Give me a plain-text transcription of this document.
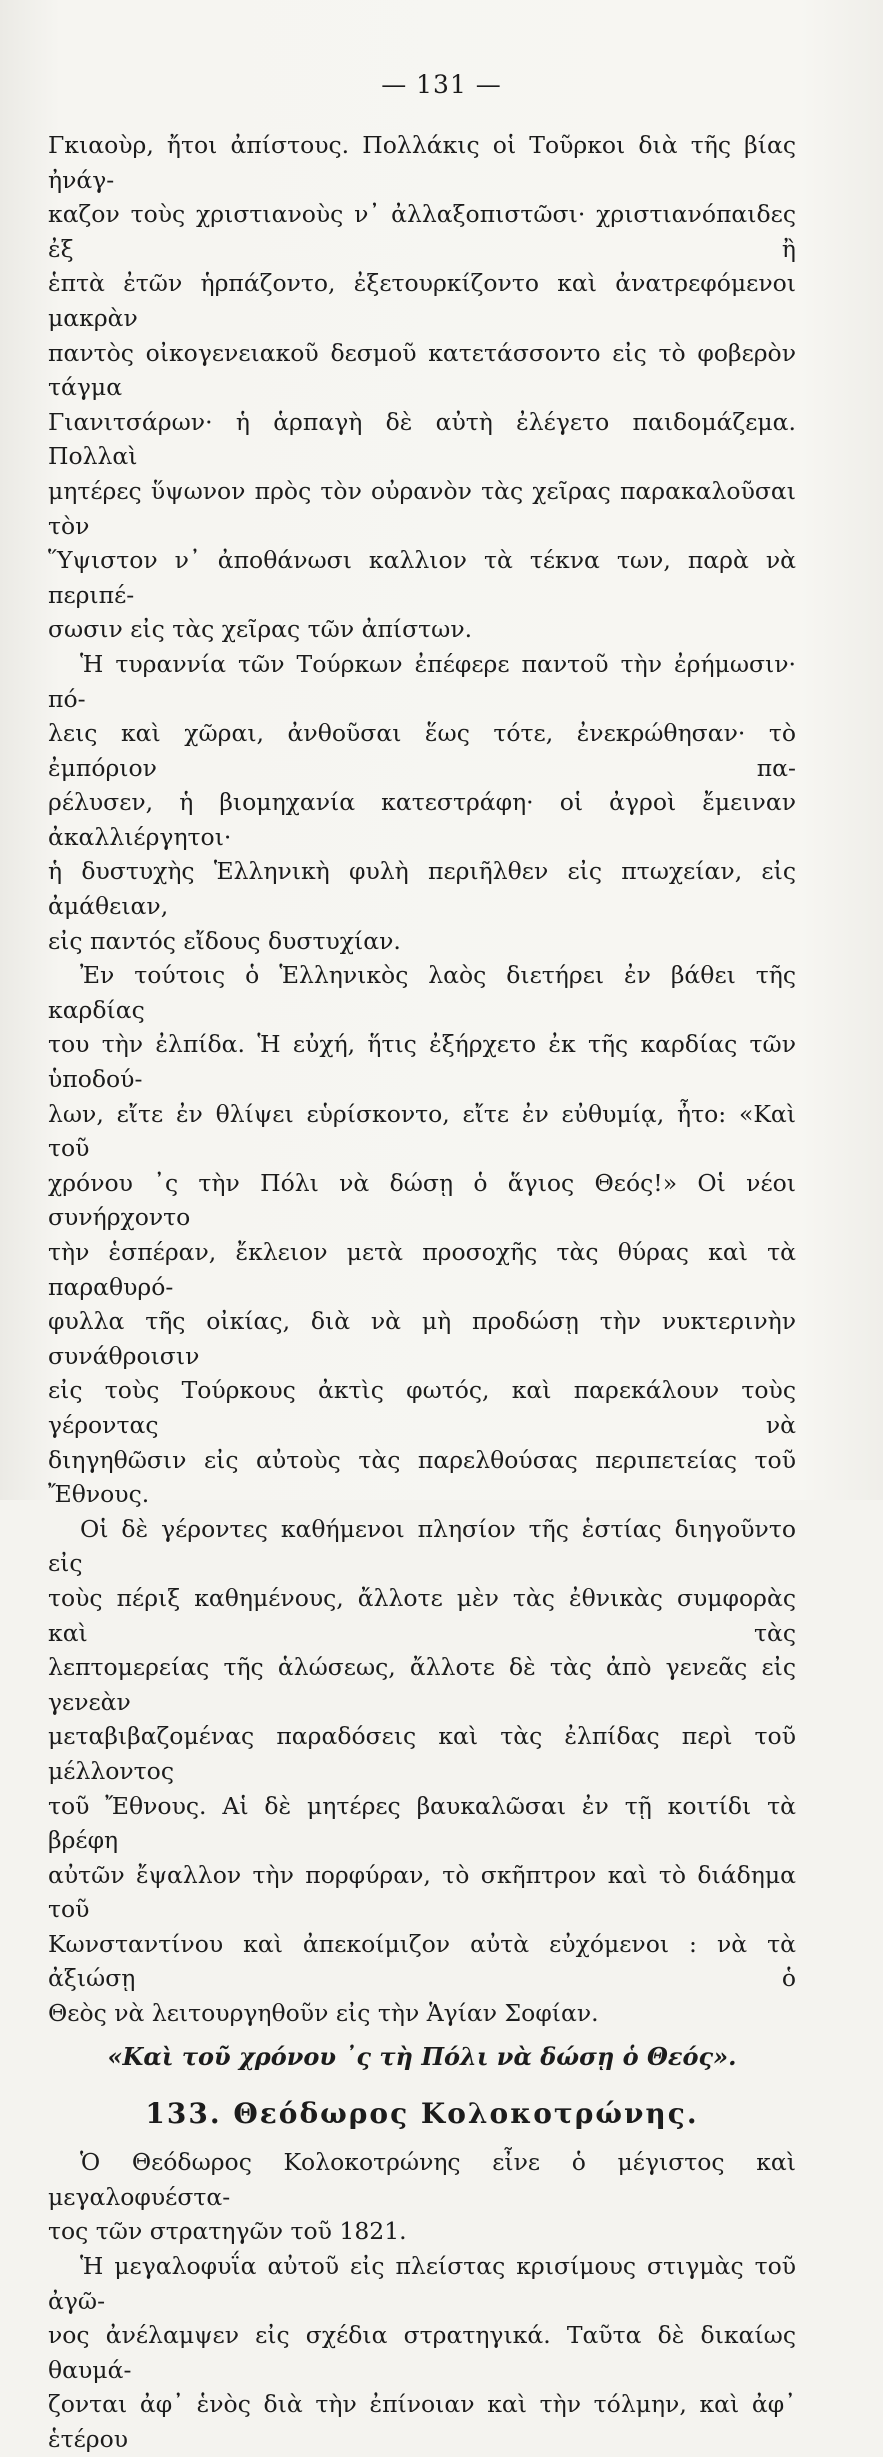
— 131 —

Γκιαοὺρ, ἤτοι ἀπίστους. Πολλάκις οἱ Τοῦρκοι διὰ τῆς βίας ἠνάγ-

καζον τοὺς χριστιανοὺς ν᾽ ἀλλαξοπιστῶσι· χριστιανόπαιδες ἐξ ἢ

ἑπτὰ ἐτῶν ἡρπάζοντο, ἐξετουρκίζοντο καὶ ἀνατρεφόμενοι μακρὰν

παντὸς οἰκογενειακοῦ δεσμοῦ κατετάσσοντο εἰς τὸ φοβερὸν τάγμα

Γιανιτσάρων· ἡ ἁρπαγὴ δὲ αὐτὴ ἐλέγετο παιδομάζεμα. Πολλαὶ

μητέρες ὕψωνον πρὸς τὸν οὐρανὸν τὰς χεῖρας παρακαλοῦσαι τὸν

Ὕψιστον ν᾽ ἀποθάνωσι καλλιον τὰ τέκνα των, παρὰ νὰ περιπέ-

σωσιν εἰς τὰς χεῖρας τῶν ἀπίστων.

Ἡ τυραννία τῶν Τούρκων ἐπέφερε παντοῦ τὴν ἐρήμωσιν· πό-

λεις καὶ χῶραι, ἀνθοῦσαι ἕως τότε, ἐνεκρώθησαν· τὸ ἐμπόριον πα-

ρέλυσεν, ἡ βιομηχανία κατεστράφη· οἱ ἀγροὶ ἔμειναν ἀκαλλιέργητοι·

ἡ δυστυχὴς Ἑλληνικὴ φυλὴ περιῆλθεν εἰς πτωχείαν, εἰς ἀμάθειαν,

εἰς παντός εἴδους δυστυχίαν.

Ἐν τούτοις ὁ Ἑλληνικὸς λαὸς διετήρει ἐν βάθει τῆς καρδίας

του τὴν ἐλπίδα. Ἡ εὐχή, ἥτις ἐξήρχετο ἐκ τῆς καρδίας τῶν ὑποδού-

λων, εἴτε ἐν θλίψει εὑρίσκοντο, εἴτε ἐν εὐθυμίᾳ, ἦτο: «Καὶ τοῦ

χρόνου ᾽ς τὴν Πόλι νὰ δώσῃ ὁ ἅγιος Θεός!» Οἱ νέοι συνήρχοντο

τὴν ἑσπέραν, ἔκλειον μετὰ προσοχῆς τὰς θύρας καὶ τὰ παραθυρό-

φυλλα τῆς οἰκίας, διὰ νὰ μὴ προδώσῃ τὴν νυκτερινὴν συνάθροισιν

εἰς τοὺς Τούρκους ἀκτὶς φωτός, καὶ παρεκάλουν τοὺς γέροντας νὰ

διηγηθῶσιν εἰς αὐτοὺς τὰς παρελθούσας περιπετείας τοῦ Ἔθνους.

Οἱ δὲ γέροντες καθήμενοι πλησίον τῆς ἑστίας διηγοῦντο εἰς

τοὺς πέριξ καθημένους, ἄλλοτε μὲν τὰς ἐθνικὰς συμφορὰς καὶ τὰς

λεπτομερείας τῆς ἁλώσεως, ἄλλοτε δὲ τὰς ἀπὸ γενεᾶς εἰς γενεὰν

μεταβιβαζομένας παραδόσεις καὶ τὰς ἐλπίδας περὶ τοῦ μέλλοντος

τοῦ Ἔθνους. Αἱ δὲ μητέρες βαυκαλῶσαι ἐν τῇ κοιτίδι τὰ βρέφη

αὐτῶν ἔψαλλον τὴν πορφύραν, τὸ σκῆπτρον καὶ τὸ διάδημα τοῦ

Κωνσταντίνου καὶ ἀπεκοίμιζον αὐτὰ εὐχόμενοι : νὰ τὰ ἀξιώσῃ ὁ

Θεὸς νὰ λειτουργηθοῦν εἰς τὴν Ἁγίαν Σοφίαν.

«Καὶ τοῦ χρόνου ᾽ς τὴ Πόλι νὰ δώσῃ ὁ Θεός».
133. Θεόδωρος Κολοκοτρώνης.

Ὁ Θεόδωρος Κολοκοτρώνης εἶνε ὁ μέγιστος καὶ μεγαλοφυέστα-

τος τῶν στρατηγῶν τοῦ 1821.

Ἡ μεγαλοφυΐα αὐτοῦ εἰς πλείστας κρισίμους στιγμὰς τοῦ ἀγῶ-

νος ἀνέλαμψεν εἰς σχέδια στρατηγικά. Ταῦτα δὲ δικαίως θαυμά-

ζονται ἀφ᾽ ἑνὸς διὰ τὴν ἐπίνοιαν καὶ τὴν τόλμην, καὶ ἀφ᾽ ἑτέρου
